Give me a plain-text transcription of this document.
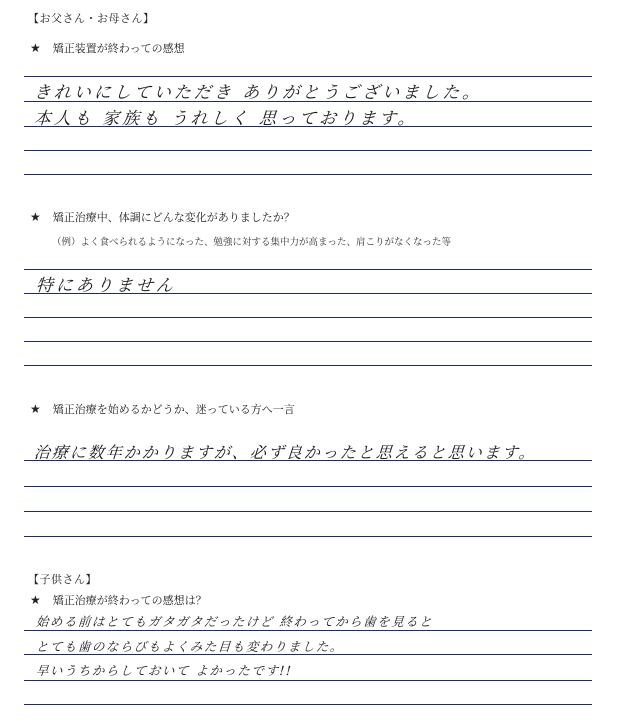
【お父さん・お母さん】
★ 矯正装置が終わっての感想
きれいにしていただき ありがとうございました。
本人も 家族も うれしく 思っております。
★ 矯正治療中、体調にどんな変化がありましたか？
（例）よく食べられるようになった、勉強に対する集中力が高まった、肩こりがなくなった等
特にありません
★ 矯正治療を始めるかどうか、迷っている方へ一言
治療に数年かかりますが、必ず良かったと思えると思います。
【子供さん】
★ 矯正治療が終わっての感想は？
始める前はとてもガタガタだったけど 終わってから歯を見ると
とても歯のならびもよくみた目も変わりました。
早いうちからしておいて よかったです!!
